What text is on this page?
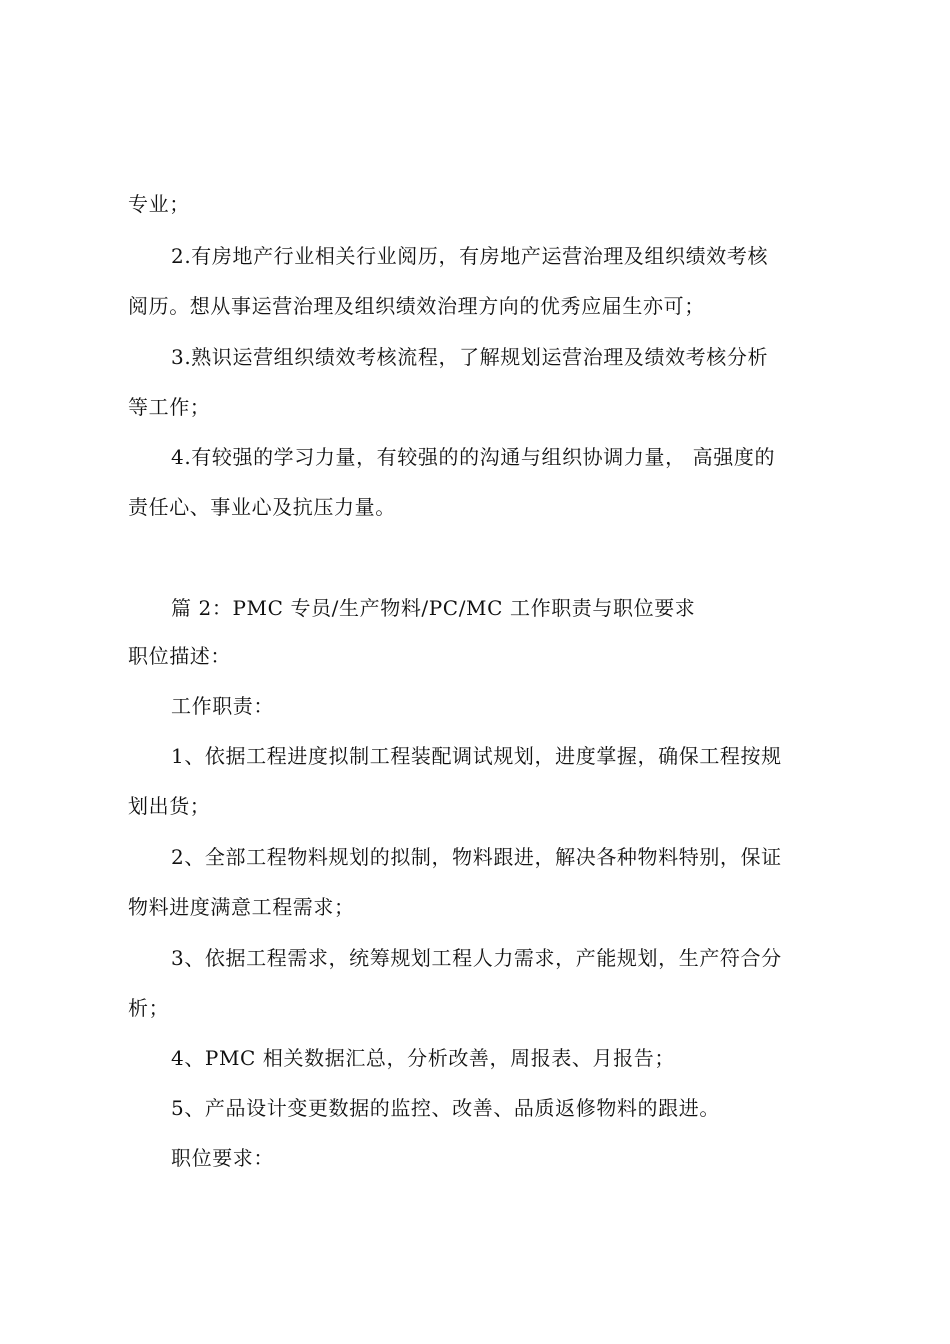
专业；
2.有房地产行业相关行业阅历，有房地产运营治理及组织绩效考核
阅历。想从事运营治理及组织绩效治理方向的优秀应届生亦可；
3.熟识运营组织绩效考核流程，了解规划运营治理及绩效考核分析
等工作；
4.有较强的学习力量，有较强的的沟通与组织协调力量， 高强度的
责任心、事业心及抗压力量。
篇 2：PMC 专员/生产物料/PC/MC 工作职责与职位要求
职位描述：
工作职责：
1、依据工程进度拟制工程装配调试规划，进度掌握，确保工程按规
划出货；
2、全部工程物料规划的拟制，物料跟进，解决各种物料特别，保证
物料进度满意工程需求；
3、依据工程需求，统筹规划工程人力需求，产能规划，生产符合分
析；
4、PMC 相关数据汇总，分析改善，周报表、月报告；
5、产品设计变更数据的监控、改善、品质返修物料的跟进。
职位要求：
